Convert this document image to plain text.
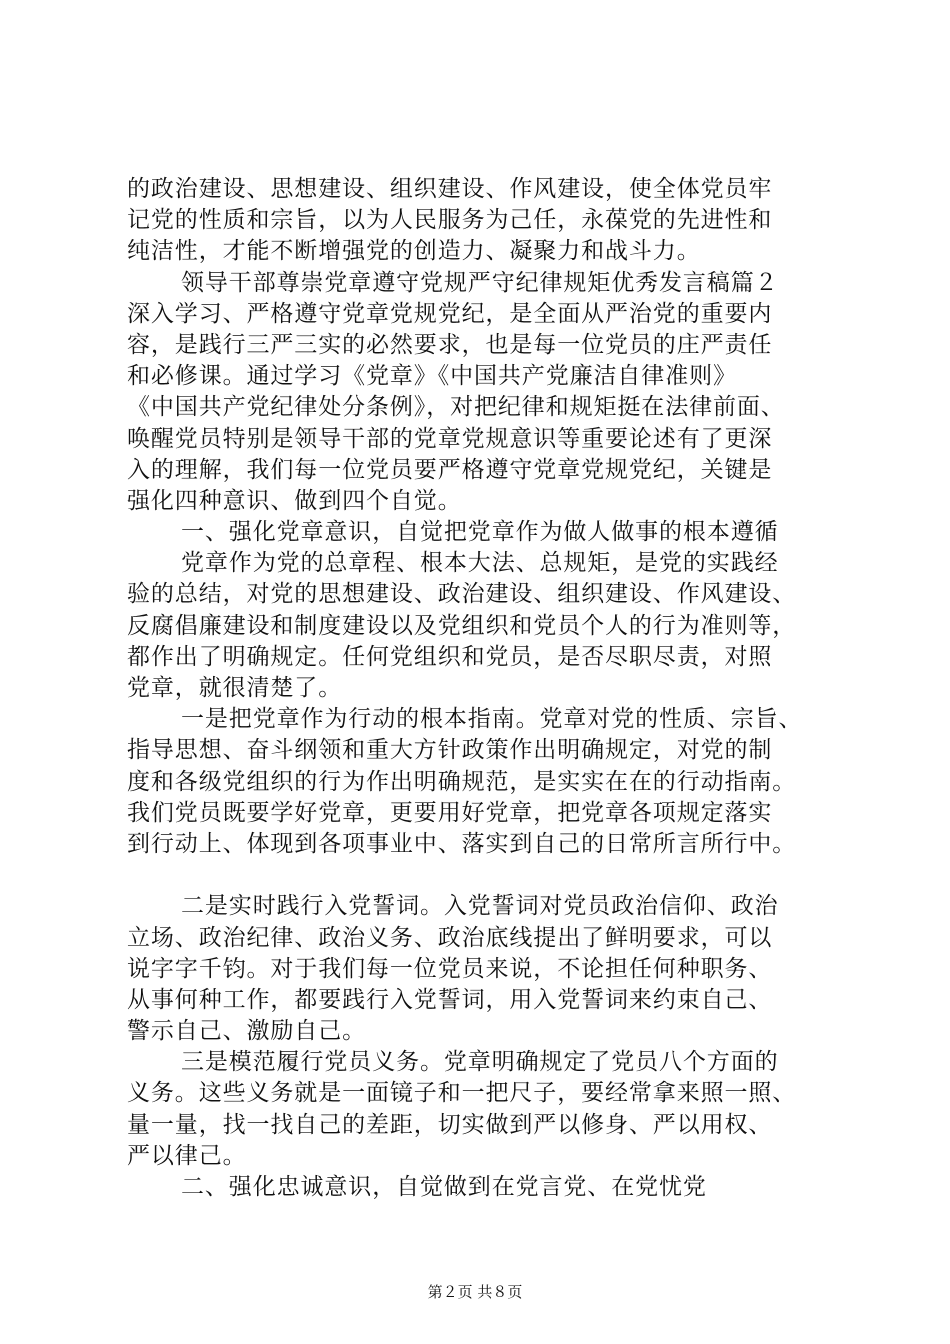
的政治建设、思想建设、组织建设、作风建设，使全体党员牢
记党的性质和宗旨，以为人民服务为己任，永葆党的先进性和
纯洁性，才能不断增强党的创造力、凝聚力和战斗力。
领导干部尊崇党章遵守党规严守纪律规矩优秀发言稿篇２
深入学习、严格遵守党章党规党纪，是全面从严治党的重要内
容，是践行三严三实的必然要求，也是每一位党员的庄严责任
和必修课。通过学习《党章》《中国共产党廉洁自律准则》
《中国共产党纪律处分条例》，对把纪律和规矩挺在法律前面、
唤醒党员特别是领导干部的党章党规意识等重要论述有了更深
入的理解，我们每一位党员要严格遵守党章党规党纪，关键是
强化四种意识、做到四个自觉。
一、强化党章意识，自觉把党章作为做人做事的根本遵循
党章作为党的总章程、根本大法、总规矩，是党的实践经
验的总结，对党的思想建设、政治建设、组织建设、作风建设、
反腐倡廉建设和制度建设以及党组织和党员个人的行为准则等，
都作出了明确规定。任何党组织和党员，是否尽职尽责，对照
党章，就很清楚了。
一是把党章作为行动的根本指南。党章对党的性质、宗旨、
指导思想、奋斗纲领和重大方针政策作出明确规定，对党的制
度和各级党组织的行为作出明确规范，是实实在在的行动指南。
我们党员既要学好党章，更要用好党章，把党章各项规定落实
到行动上、体现到各项事业中、落实到自己的日常所言所行中。
二是实时践行入党誓词。入党誓词对党员政治信仰、政治
立场、政治纪律、政治义务、政治底线提出了鲜明要求，可以
说字字千钧。对于我们每一位党员来说，不论担任何种职务、
从事何种工作，都要践行入党誓词，用入党誓词来约束自己、
警示自己、激励自己。
三是模范履行党员义务。党章明确规定了党员八个方面的
义务。这些义务就是一面镜子和一把尺子，要经常拿来照一照、
量一量，找一找自己的差距，切实做到严以修身、严以用权、
严以律己。
二、强化忠诚意识，自觉做到在党言党、在党忧党
第２页 共８页
